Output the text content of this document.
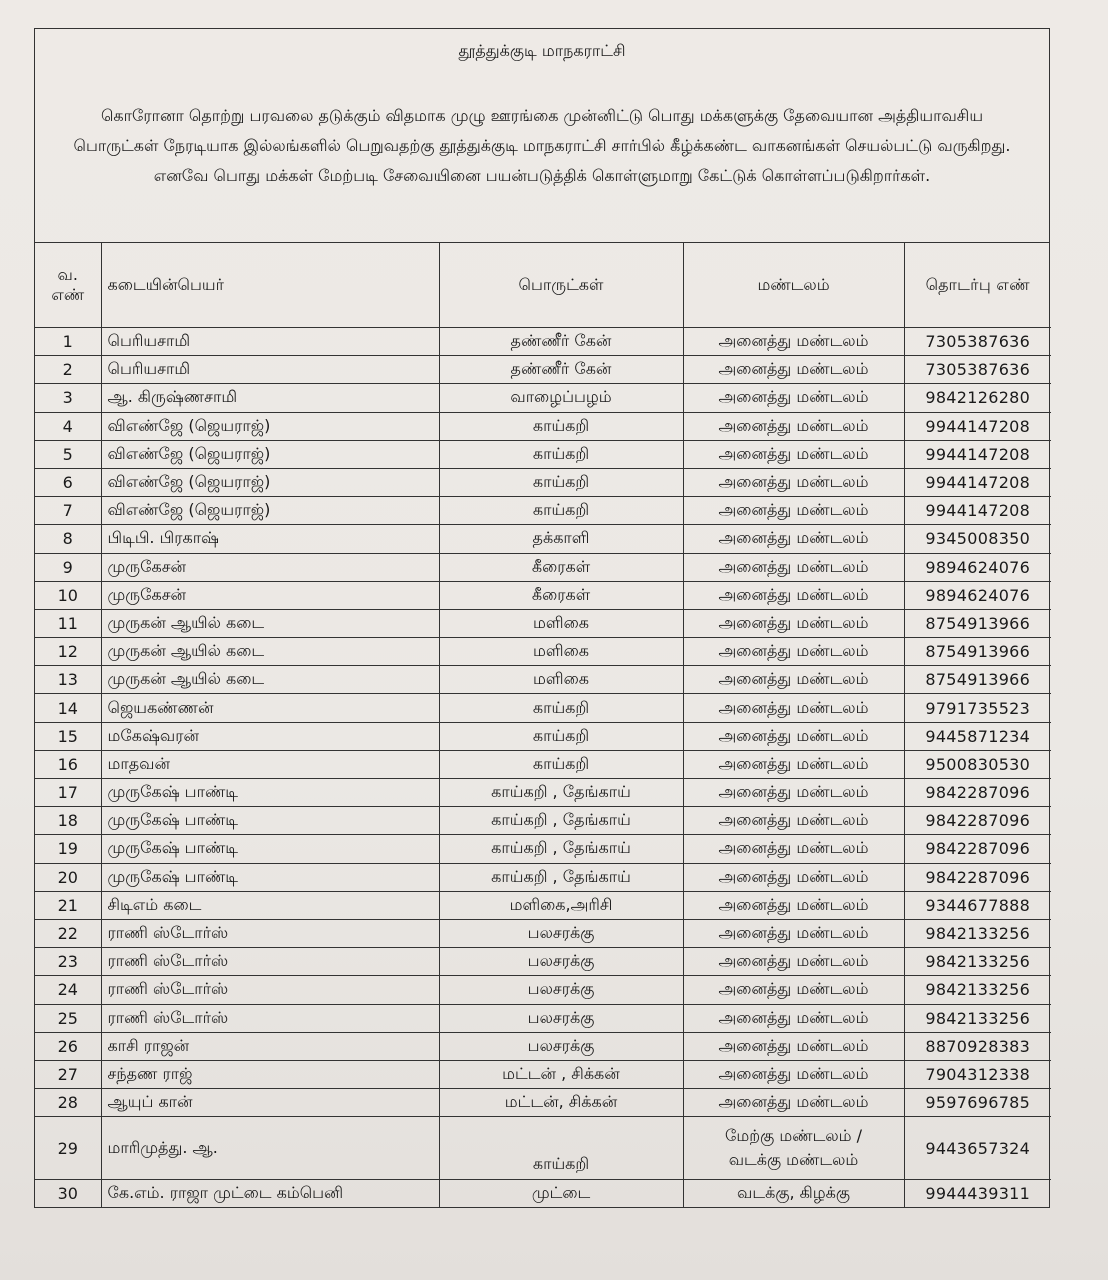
தூத்துக்குடி மாநகராட்சி
கொரோனா தொற்று பரவலை தடுக்கும் விதமாக முழு ஊரங்கை முன்னிட்டு பொது மக்களுக்கு தேவையான அத்தியாவசிய பொருட்கள் நேரடியாக இல்லங்களில் பெறுவதற்கு தூத்துக்குடி மாநகராட்சி சார்பில் கீழ்க்கண்ட வாகனங்கள் செயல்பட்டு வருகிறது. எனவே பொது மக்கள் மேற்படி சேவையினை பயன்படுத்திக் கொள்ளுமாறு கேட்டுக் கொள்ளப்படுகிறார்கள்.
வ.
எண்	கடையின்பெயர்	பொருட்கள்	மண்டலம்	தொடர்பு எண்
1	பெரியசாமி	தண்ணீர் கேன்	அனைத்து மண்டலம்	7305387636
2	பெரியசாமி	தண்ணீர் கேன்	அனைத்து மண்டலம்	7305387636
3	ஆ. கிருஷ்ணசாமி	வாழைப்பழம்	அனைத்து மண்டலம்	9842126280
4	விஎண்ஜே (ஜெயராஜ்)	காய்கறி	அனைத்து மண்டலம்	9944147208
5	விஎண்ஜே (ஜெயராஜ்)	காய்கறி	அனைத்து மண்டலம்	9944147208
6	விஎண்ஜே (ஜெயராஜ்)	காய்கறி	அனைத்து மண்டலம்	9944147208
7	விஎண்ஜே (ஜெயராஜ்)	காய்கறி	அனைத்து மண்டலம்	9944147208
8	பிடிபி. பிரகாஷ்	தக்காளி	அனைத்து மண்டலம்	9345008350
9	முருகேசன்	கீரைகள்	அனைத்து மண்டலம்	9894624076
10	முருகேசன்	கீரைகள்	அனைத்து மண்டலம்	9894624076
11	முருகன் ஆயில் கடை	மளிகை	அனைத்து மண்டலம்	8754913966
12	முருகன் ஆயில் கடை	மளிகை	அனைத்து மண்டலம்	8754913966
13	முருகன் ஆயில் கடை	மளிகை	அனைத்து மண்டலம்	8754913966
14	ஜெயகண்ணன்	காய்கறி	அனைத்து மண்டலம்	9791735523
15	மகேஷ்வரன்	காய்கறி	அனைத்து மண்டலம்	9445871234
16	மாதவன்	காய்கறி	அனைத்து மண்டலம்	9500830530
17	முருகேஷ் பாண்டி	காய்கறி , தேங்காய்	அனைத்து மண்டலம்	9842287096
18	முருகேஷ் பாண்டி	காய்கறி , தேங்காய்	அனைத்து மண்டலம்	9842287096
19	முருகேஷ் பாண்டி	காய்கறி , தேங்காய்	அனைத்து மண்டலம்	9842287096
20	முருகேஷ் பாண்டி	காய்கறி , தேங்காய்	அனைத்து மண்டலம்	9842287096
21	சிடிஎம் கடை	மளிகை,அரிசி	அனைத்து மண்டலம்	9344677888
22	ராணி ஸ்டோர்ஸ்	பலசரக்கு	அனைத்து மண்டலம்	9842133256
23	ராணி ஸ்டோர்ஸ்	பலசரக்கு	அனைத்து மண்டலம்	9842133256
24	ராணி ஸ்டோர்ஸ்	பலசரக்கு	அனைத்து மண்டலம்	9842133256
25	ராணி ஸ்டோர்ஸ்	பலசரக்கு	அனைத்து மண்டலம்	9842133256
26	காசி ராஜன்	பலசரக்கு	அனைத்து மண்டலம்	8870928383
27	சந்தண ராஜ்	மட்டன் , சிக்கன்	அனைத்து மண்டலம்	7904312338
28	ஆயுப் கான்	மட்டன், சிக்கன்	அனைத்து மண்டலம்	9597696785
29	மாரிமுத்து. ஆ.	காய்கறி	மேற்கு மண்டலம் /
வடக்கு மண்டலம்	9443657324
30	கே.எம். ராஜா முட்டை கம்பெனி	முட்டை	வடக்கு, கிழக்கு	9944439311
